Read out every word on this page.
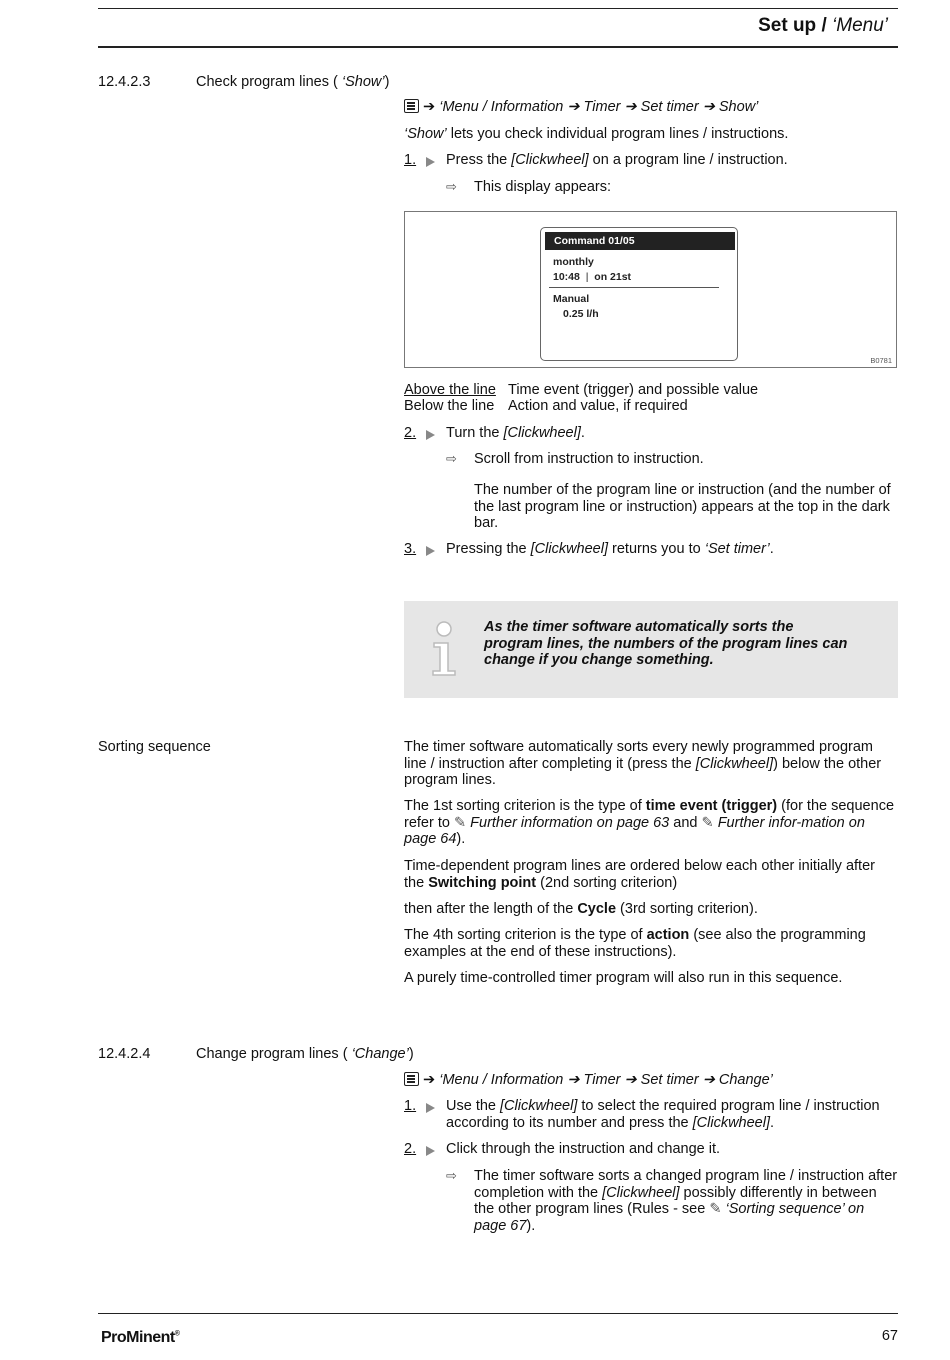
Set up / ‘Menu’
12.4.2.3	Check program lines ( ‘Show’)
➔ ‘Menu / Information ➔ Timer ➔ Set timer ➔ Show’
‘Show’ lets you check individual program lines / instructions.
1. Press the [Clickwheel] on a program line / instruction.
⇨ This display appears:
Command 01/05
monthly
10:48 | on 21st
Manual
0.25 l/h
B0781
Above the line Time event (trigger) and possible value
Below the line Action and value, if required
2. Turn the [Clickwheel].
⇨ Scroll from instruction to instruction.
The number of the program line or instruction (and the number of the last program line or instruction) appears at the top in the dark bar.
3. Pressing the [Clickwheel] returns you to ‘Set timer’.
As the timer software automatically sorts the program lines, the numbers of the program lines can change if you change something.
Sorting sequence	The timer software automatically sorts every newly programmed program line / instruction after completing it (press the [Clickwheel]) below the other program lines.
The 1st sorting criterion is the type of time event (trigger) (for the sequence refer to ✎ Further information on page 63 and ✎ Further infor-mation on page 64).
Time-dependent program lines are ordered below each other initially after the Switching point (2nd sorting criterion)
then after the length of the Cycle (3rd sorting criterion).
The 4th sorting criterion is the type of action (see also the programming examples at the end of these instructions).
A purely time-controlled timer program will also run in this sequence.
12.4.2.4	Change program lines ( ‘Change’)
➔ ‘Menu / Information ➔ Timer ➔ Set timer ➔ Change’
1. Use the [Clickwheel] to select the required program line / instruction according to its number and press the [Clickwheel].
2. Click through the instruction and change it.
⇨ The timer software sorts a changed program line / instruction after completion with the [Clickwheel] possibly differently in between the other program lines (Rules - see ✎ ‘Sorting sequence’ on page 67).
ProMinent®	67
